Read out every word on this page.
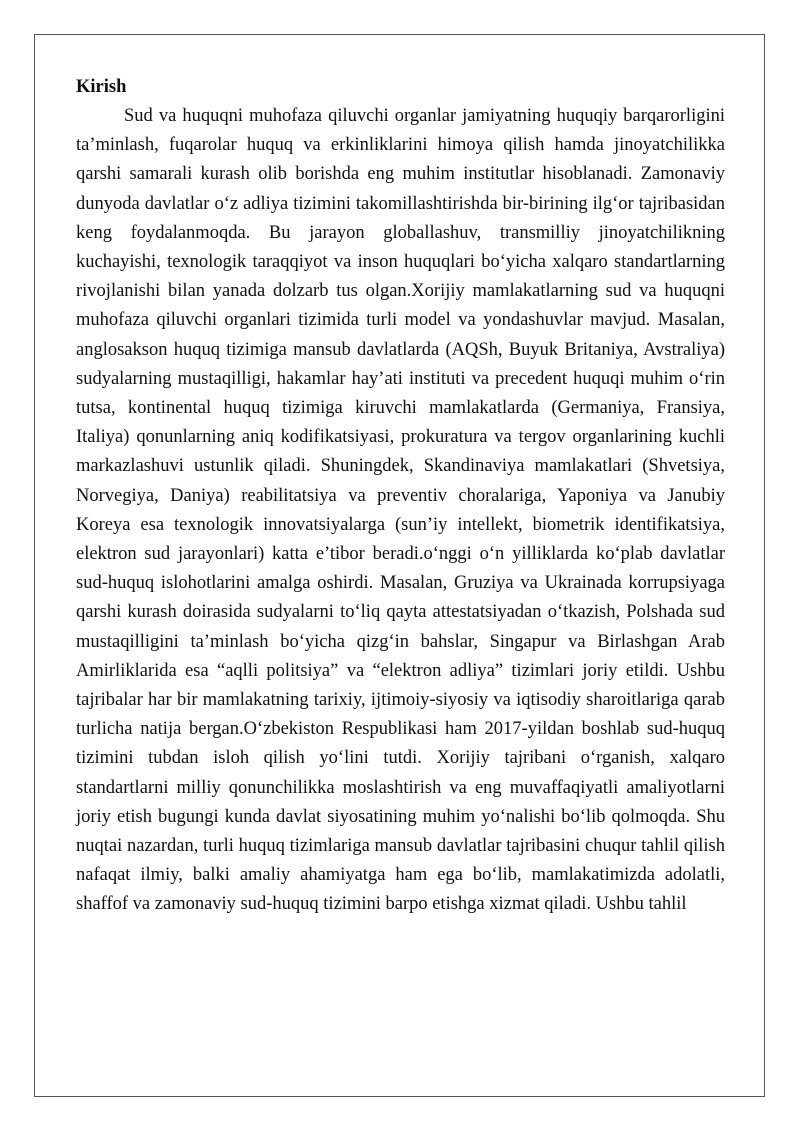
Kirish

Sud va huquqni muhofaza qiluvchi organlar jamiyatning huquqiy barqarorligini ta’minlash, fuqarolar huquq va erkinliklarini himoya qilish hamda jinoyatchilikka qarshi samarali kurash olib borishda eng muhim institutlar hisoblanadi. Zamonaviy dunyoda davlatlar o‘z adliya tizimini takomillashtirishda bir-birining ilg‘or tajribasidan keng foydalanmoqda. Bu jarayon globallashuv, transmilliy jinoyatchilikning kuchayishi, texnologik taraqqiyot va inson huquqlari bo‘yicha xalqaro standartlarning rivojlanishi bilan yanada dolzarb tus olgan.Xorijiy mamlakatlarning sud va huquqni muhofaza qiluvchi organlari tizimida turli model va yondashuvlar mavjud. Masalan, anglosakson huquq tizimiga mansub davlatlarda (AQSh, Buyuk Britaniya, Avstraliya) sudyalarning mustaqilligi, hakamlar hay’ati instituti va precedent huquqi muhim o‘rin tutsa, kontinental huquq tizimiga kiruvchi mamlakatlarda (Germaniya, Fransiya, Italiya) qonunlarning aniq kodifikatsiyasi, prokuratura va tergov organlarining kuchli markazlashuvi ustunlik qiladi. Shuningdek, Skandinaviya mamlakatlari (Shvetsiya, Norvegiya, Daniya) reabilitatsiya va preventiv choralariga, Yaponiya va Janubiy Koreya esa texnologik innovatsiyalarga (sun’iy intellekt, biometrik identifikatsiya, elektron sud jarayonlari) katta e’tibor beradi.o‘nggi o‘n yilliklarda ko‘plab davlatlar sud-huquq islohotlarini amalga oshirdi. Masalan, Gruziya va Ukrainada korrupsiyaga qarshi kurash doirasida sudyalarni to‘liq qayta attestatsiyadan o‘tkazish, Polshada sud mustaqilligini ta’minlash bo‘yicha qizg‘in bahslar, Singapur va Birlashgan Arab Amirliklarida esa “aqlli politsiya” va “elektron adliya” tizimlari joriy etildi. Ushbu tajribalar har bir mamlakatning tarixiy, ijtimoiy-siyosiy va iqtisodiy sharoitlariga qarab turlicha natija bergan.O‘zbekiston Respublikasi ham 2017-yildan boshlab sud-huquq tizimini tubdan isloh qilish yo‘lini tutdi. Xorijiy tajribani o‘rganish, xalqaro standartlarni milliy qonunchilikka moslashtirish va eng muvaffaqiyatli amaliyotlarni joriy etish bugungi kunda davlat siyosatining muhim yo‘nalishi bo‘lib qolmoqda. Shu nuqtai nazardan, turli huquq tizimlariga mansub davlatlar tajribasini chuqur tahlil qilish nafaqat ilmiy, balki amaliy ahamiyatga ham ega bo‘lib, mamlakatimizda adolatli, shaffof va zamonaviy sud-huquq tizimini barpo etishga xizmat qiladi. Ushbu tahlil
